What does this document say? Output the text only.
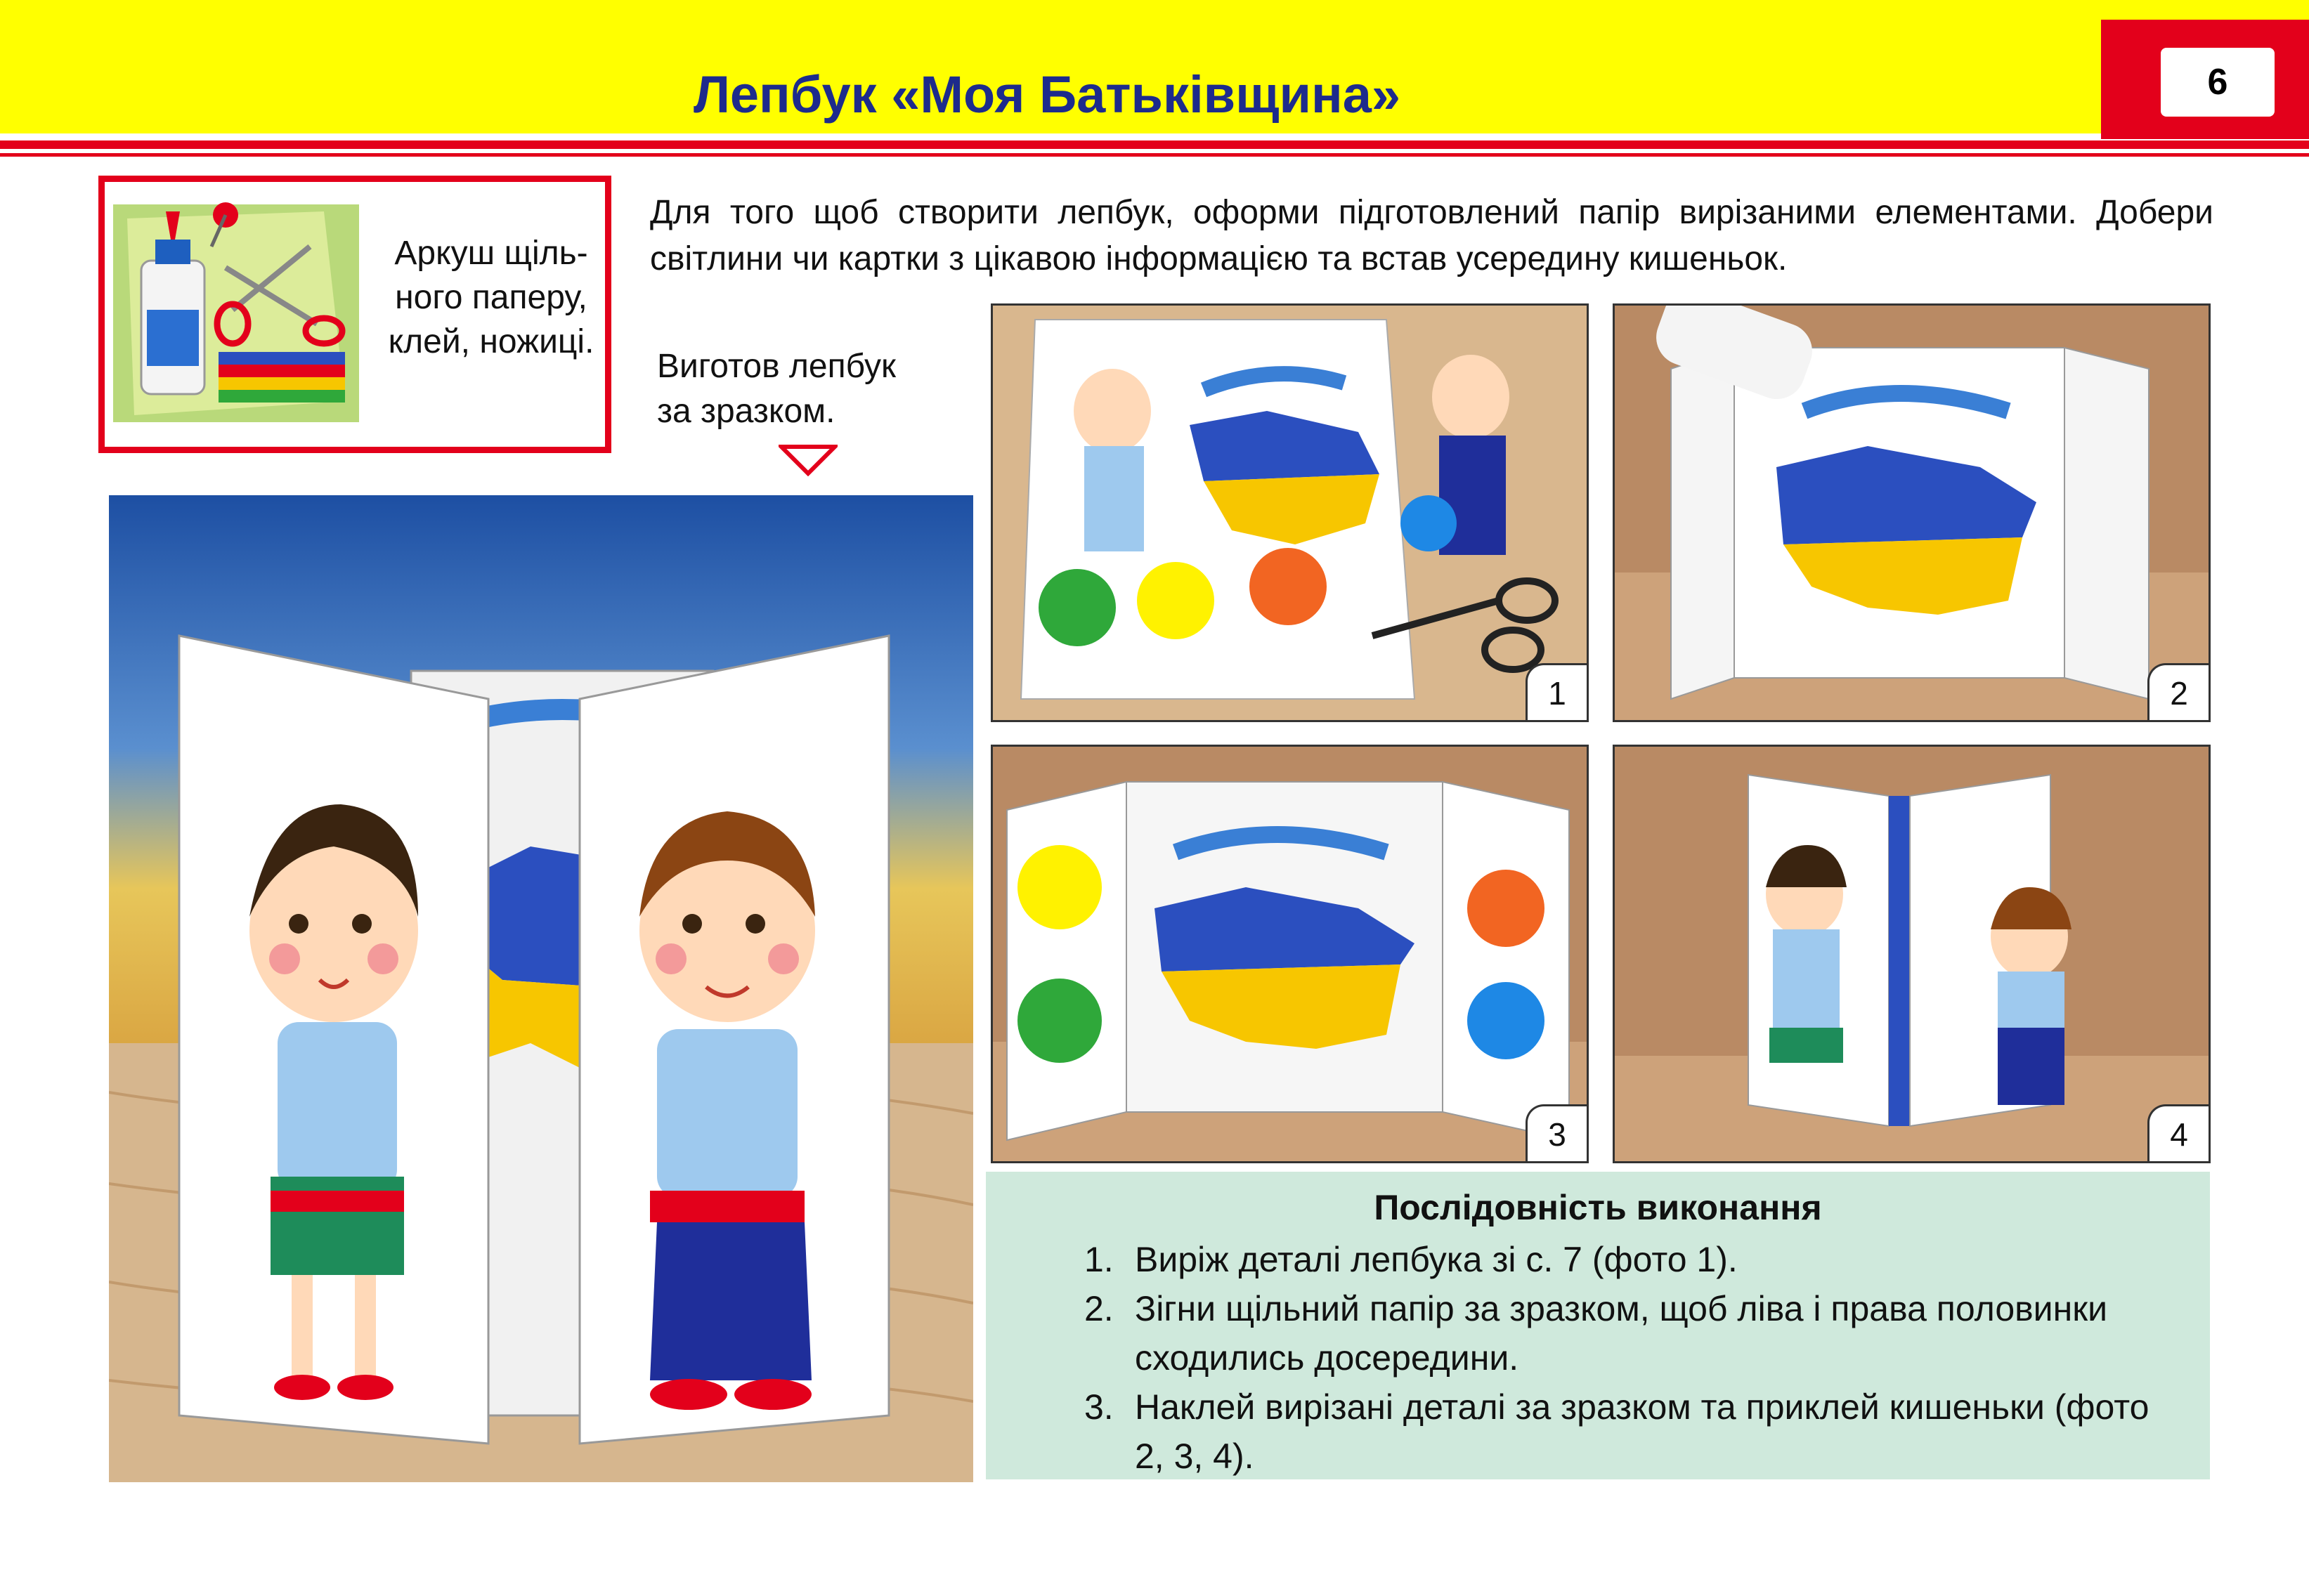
Лепбук «Моя Батьківщина»	6
Аркуш щіль-
ного паперу,
клей, ножиці.
Для того щоб створити лепбук, оформи підготовлений папір вирізаними елементами. Добери світлини чи картки з цікавою інформацією та встав усередину кишеньок.
Виготов лепбук
за зразком.
1	2
3	4
Послідовність виконання
1. Виріж деталі лепбука зі с. 7 (фото 1).
2. Зігни щільний папір за зразком, щоб ліва і права половинки сходились досередини.
3. Наклей вирізані деталі за зразком та приклей кишеньки (фото 2, 3, 4).
